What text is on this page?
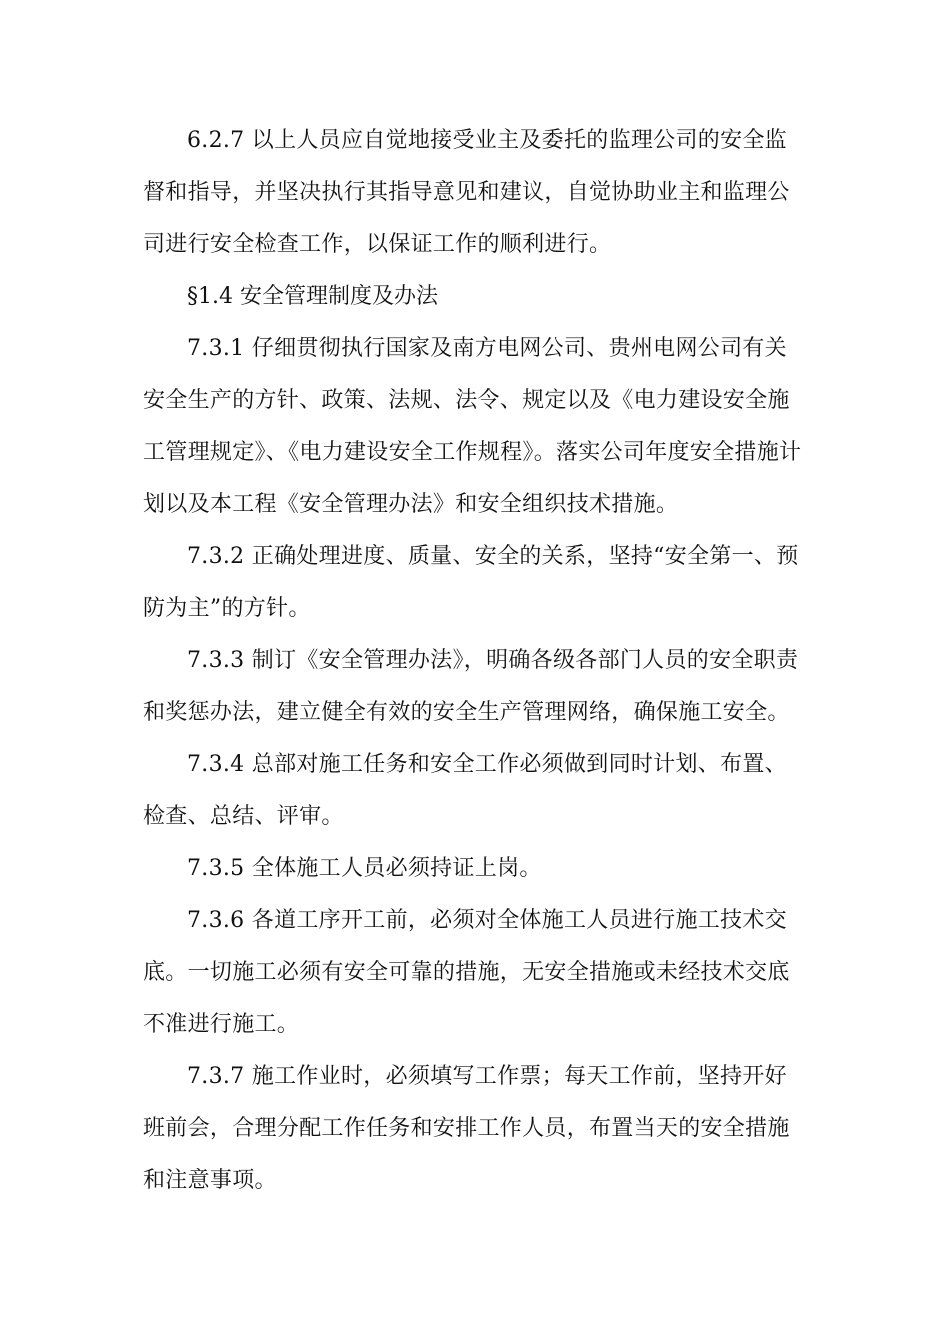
6.2.7 以上人员应自觉地接受业主及委托的监理公司的安全监督和指导，并坚决执行其指导意见和建议，自觉协助业主和监理公司进行安全检查工作，以保证工作的顺利进行。

§1.4 安全管理制度及办法

7.3.1 仔细贯彻执行国家及南方电网公司、贵州电网公司有关安全生产的方针、政策、法规、法令、规定以及《电力建设安全施工管理规定》、《电力建设安全工作规程》。落实公司年度安全措施计划以及本工程《安全管理办法》和安全组织技术措施。

7.3.2 正确处理进度、质量、安全的关系，坚持“安全第一、预防为主”的方针。

7.3.3 制订《安全管理办法》，明确各级各部门人员的安全职责和奖惩办法，建立健全有效的安全生产管理网络，确保施工安全。

7.3.4 总部对施工任务和安全工作必须做到同时计划、布置、检查、总结、评审。

7.3.5 全体施工人员必须持证上岗。

7.3.6 各道工序开工前，必须对全体施工人员进行施工技术交底。一切施工必须有安全可靠的措施，无安全措施或未经技术交底不准进行施工。

7.3.7 施工作业时，必须填写工作票；每天工作前，坚持开好班前会，合理分配工作任务和安排工作人员，布置当天的安全措施和注意事项。
